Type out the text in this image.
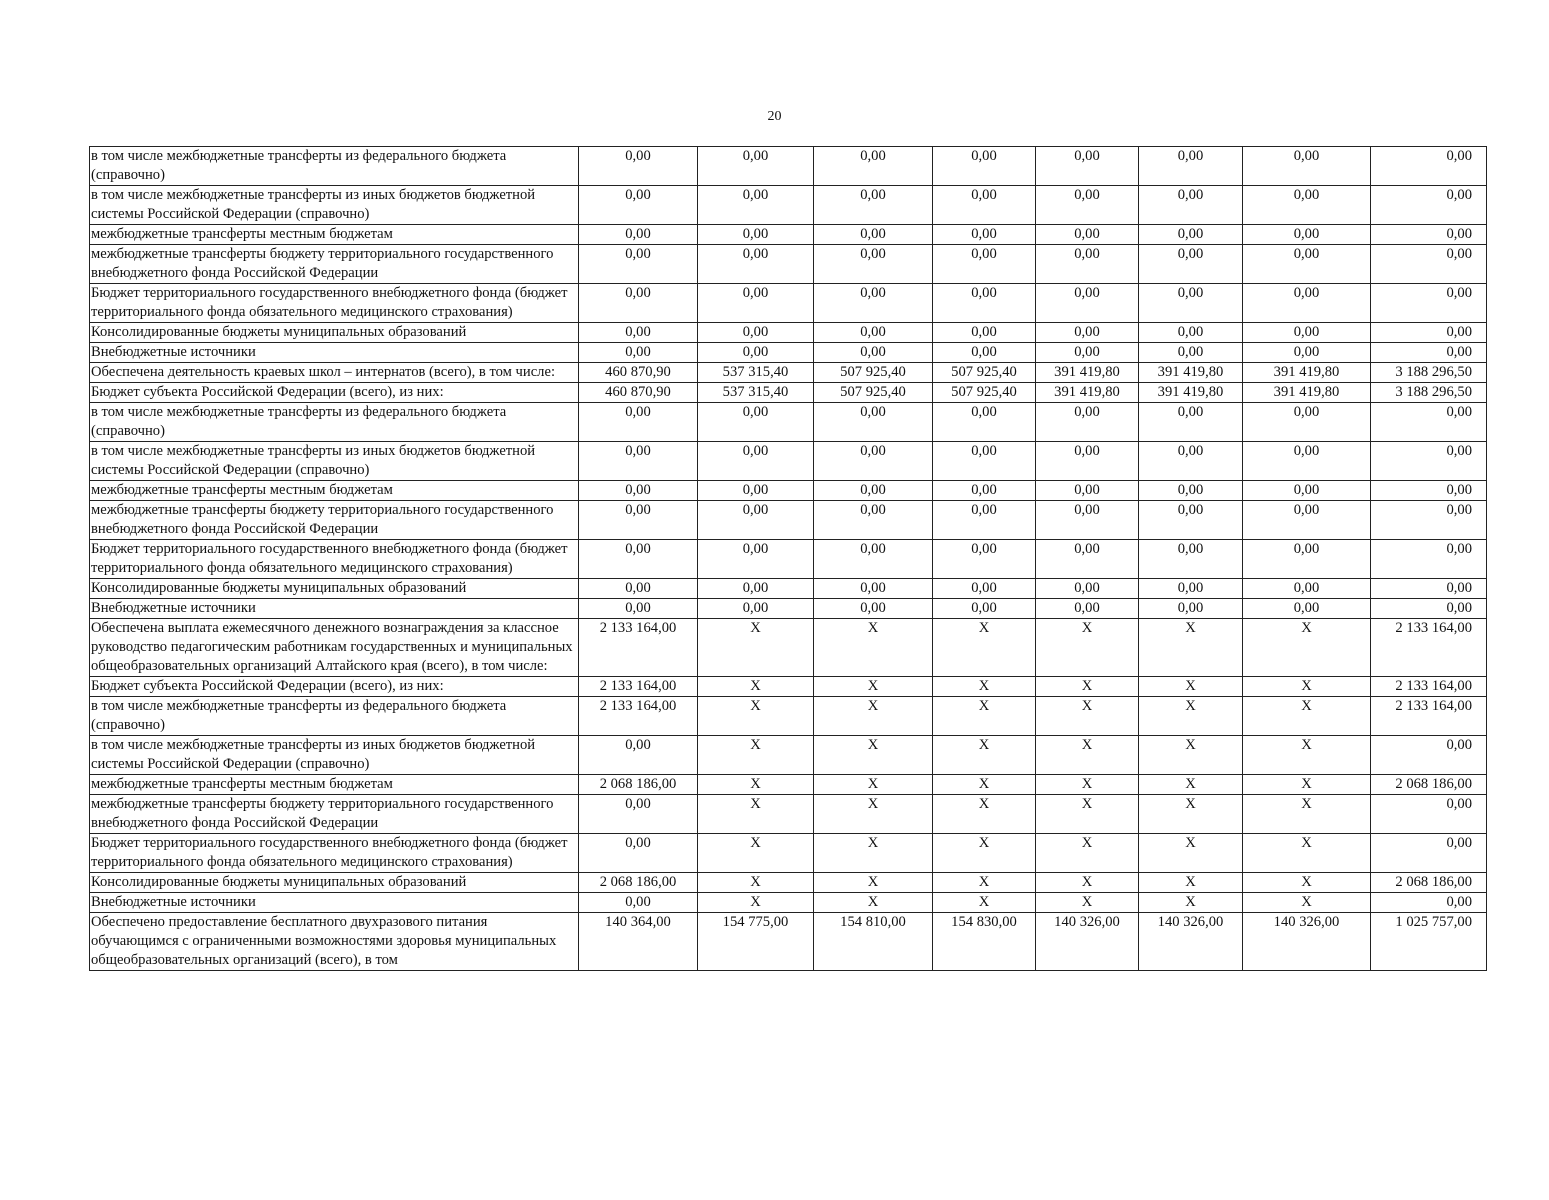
20
в том числе межбюджетные трансферты из федерального бюджета (справочно)	0,00	0,00	0,00	0,00	0,00	0,00	0,00	0,00
в том числе межбюджетные трансферты из иных бюджетов бюджетной системы Российской Федерации (справочно)	0,00	0,00	0,00	0,00	0,00	0,00	0,00	0,00
межбюджетные трансферты местным бюджетам	0,00	0,00	0,00	0,00	0,00	0,00	0,00	0,00
межбюджетные трансферты бюджету территориального государственного внебюджетного фонда Российской Федерации	0,00	0,00	0,00	0,00	0,00	0,00	0,00	0,00
Бюджет территориального государственного внебюджетного фонда (бюджет территориального фонда обязательного медицинского страхования)	0,00	0,00	0,00	0,00	0,00	0,00	0,00	0,00
Консолидированные бюджеты муниципальных образований	0,00	0,00	0,00	0,00	0,00	0,00	0,00	0,00
Внебюджетные источники	0,00	0,00	0,00	0,00	0,00	0,00	0,00	0,00
Обеспечена деятельность краевых школ – интернатов (всего), в том числе:	460 870,90	537 315,40	507 925,40	507 925,40	391 419,80	391 419,80	391 419,80	3 188 296,50
Бюджет субъекта Российской Федерации (всего), из них:	460 870,90	537 315,40	507 925,40	507 925,40	391 419,80	391 419,80	391 419,80	3 188 296,50
в том числе межбюджетные трансферты из федерального бюджета (справочно)	0,00	0,00	0,00	0,00	0,00	0,00	0,00	0,00
в том числе межбюджетные трансферты из иных бюджетов бюджетной системы Российской Федерации (справочно)	0,00	0,00	0,00	0,00	0,00	0,00	0,00	0,00
межбюджетные трансферты местным бюджетам	0,00	0,00	0,00	0,00	0,00	0,00	0,00	0,00
межбюджетные трансферты бюджету территориального государственного внебюджетного фонда Российской Федерации	0,00	0,00	0,00	0,00	0,00	0,00	0,00	0,00
Бюджет территориального государственного внебюджетного фонда (бюджет территориального фонда обязательного медицинского страхования)	0,00	0,00	0,00	0,00	0,00	0,00	0,00	0,00
Консолидированные бюджеты муниципальных образований	0,00	0,00	0,00	0,00	0,00	0,00	0,00	0,00
Внебюджетные источники	0,00	0,00	0,00	0,00	0,00	0,00	0,00	0,00
Обеспечена выплата ежемесячного денежного вознаграждения за классное руководство педагогическим работникам государственных и муниципальных общеобразовательных организаций Алтайского края (всего), в том числе:	2 133 164,00	X	X	X	X	X	X	2 133 164,00
Бюджет субъекта Российской Федерации (всего), из них:	2 133 164,00	X	X	X	X	X	X	2 133 164,00
в том числе межбюджетные трансферты из федерального бюджета (справочно)	2 133 164,00	X	X	X	X	X	X	2 133 164,00
в том числе межбюджетные трансферты из иных бюджетов бюджетной системы Российской Федерации (справочно)	0,00	X	X	X	X	X	X	0,00
межбюджетные трансферты местным бюджетам	2 068 186,00	X	X	X	X	X	X	2 068 186,00
межбюджетные трансферты бюджету территориального государственного внебюджетного фонда Российской Федерации	0,00	X	X	X	X	X	X	0,00
Бюджет территориального государственного внебюджетного фонда (бюджет территориального фонда обязательного медицинского страхования)	0,00	X	X	X	X	X	X	0,00
Консолидированные бюджеты муниципальных образований	2 068 186,00	X	X	X	X	X	X	2 068 186,00
Внебюджетные источники	0,00	X	X	X	X	X	X	0,00
Обеспечено предоставление бесплатного двухразового питания обучающимся с ограниченными возможностями здоровья муниципальных общеобразовательных организаций (всего), в том	140 364,00	154 775,00	154 810,00	154 830,00	140 326,00	140 326,00	140 326,00	1 025 757,00
